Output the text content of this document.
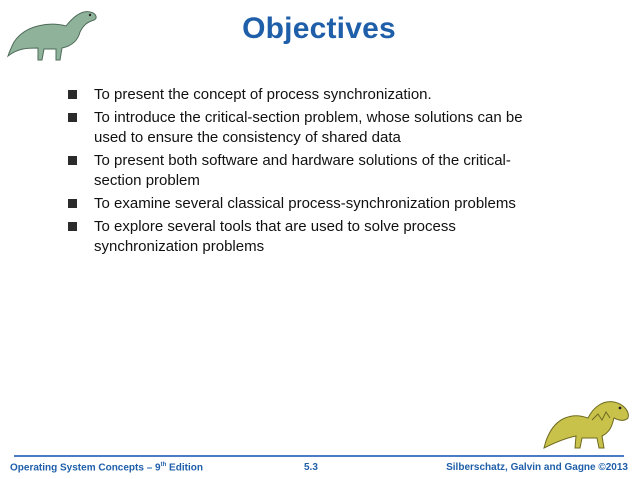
Objectives
To present the concept of process synchronization.
To introduce the critical-section problem, whose solutions can be used to ensure the consistency of shared data
To present both software and hardware solutions of the critical-section problem
To examine several classical process-synchronization problems
To explore several tools that are used to solve process synchronization problems
Operating System Concepts – 9th Edition	5.3	Silberschatz, Galvin and Gagne ©2013
